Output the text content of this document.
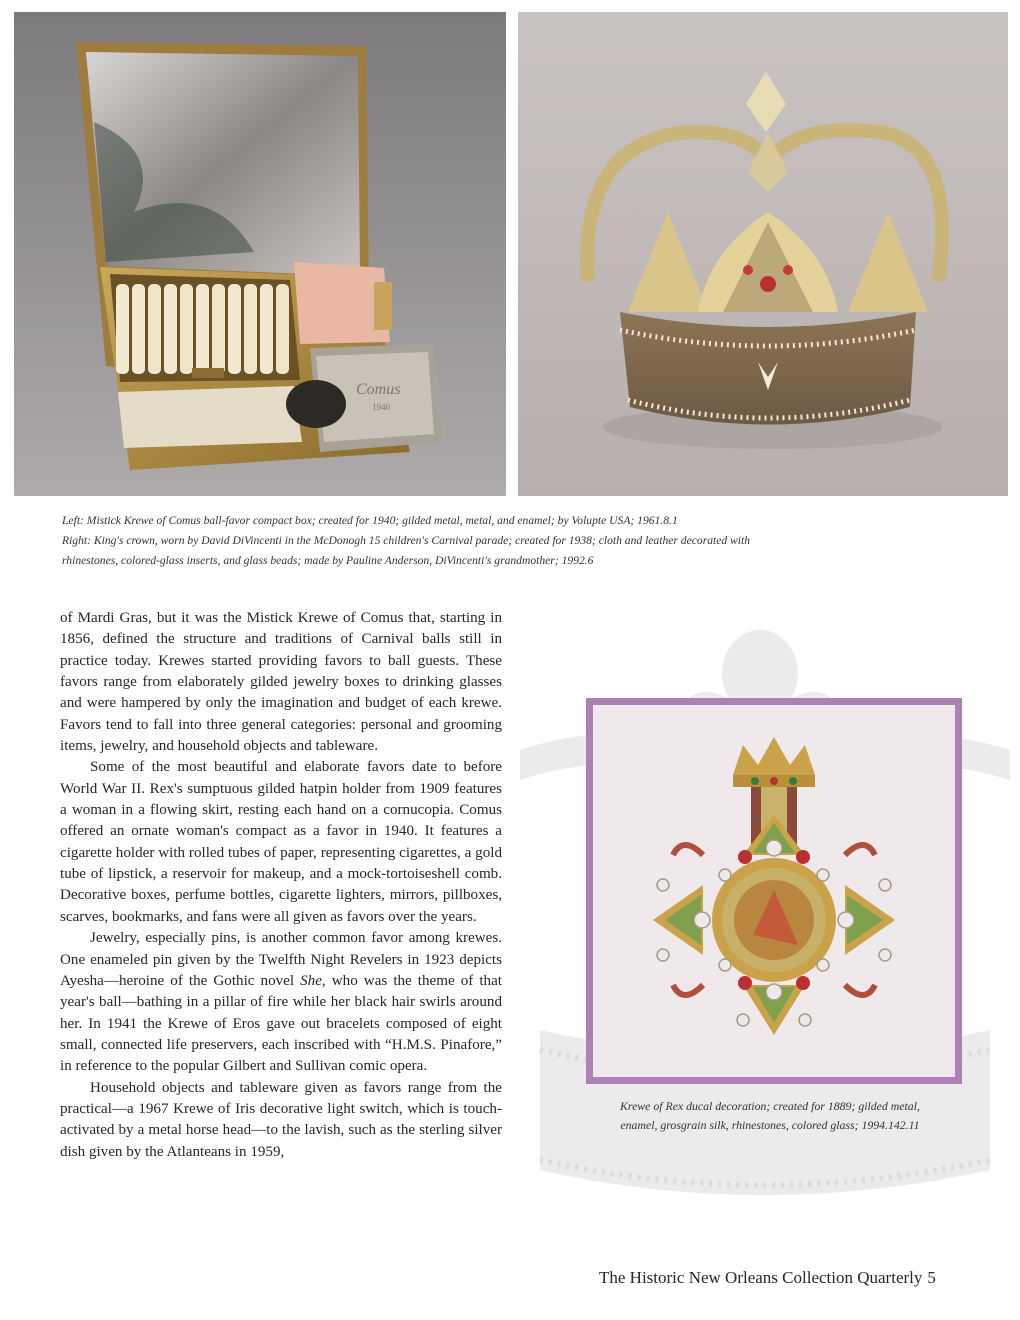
Comus
1940
Left: Mistick Krewe of Comus ball-favor compact box; created for 1940; gilded metal, metal, and enamel; by Volupte USA; 1961.8.1
Right: King's crown, worn by David DiVincenti in the McDonogh 15 children's Carnival parade; created for 1938; cloth and leather decorated with
rhinestones, colored-glass inserts, and glass beads; made by Pauline Anderson, DiVincenti's grandmother; 1992.6

of Mardi Gras, but it was the Mistick Krewe of Comus that, starting in 1856, defined the structure and traditions of Carnival balls still in practice today. Krewes started providing favors to ball guests. These favors range from elaborately gilded jewelry boxes to drinking glasses and were hampered by only the imagination and budget of each krewe. Favors tend to fall into three general categories: personal and grooming items, jewelry, and household objects and tableware.

Some of the most beautiful and elaborate favors date to before World War II. Rex's sumptuous gilded hatpin holder from 1909 features a woman in a flowing skirt, resting each hand on a cornucopia. Comus offered an ornate woman's compact as a favor in 1940. It features a cigarette holder with rolled tubes of paper, representing cigarettes, a gold tube of lipstick, a reservoir for makeup, and a mock-tortoiseshell comb. Decorative boxes, perfume bottles, cigarette lighters, mirrors, pillboxes, scarves, bookmarks, and fans were all given as favors over the years.

Jewelry, especially pins, is another common favor among krewes. One enameled pin given by the Twelfth Night Revelers in 1923 depicts Ayesha—heroine of the Gothic novel She, who was the theme of that year's ball—bathing in a pillar of fire while her black hair swirls around her. In 1941 the Krewe of Eros gave out bracelets composed of eight small, connected life preservers, each inscribed with “H.M.S. Pinafore,” in reference to the popular Gilbert and Sullivan comic opera.

Household objects and tableware given as favors range from the practical—a 1967 Krewe of Iris decorative light switch, which is touch-activated by a metal horse head—to the lavish, such as the sterling silver dish given by the Atlanteans in 1959,

Krewe of Rex ducal decoration; created for 1889; gilded metal,
enamel, grosgrain silk, rhinestones, colored glass; 1994.142.11
The Historic New Orleans Collection Quarterly 5
